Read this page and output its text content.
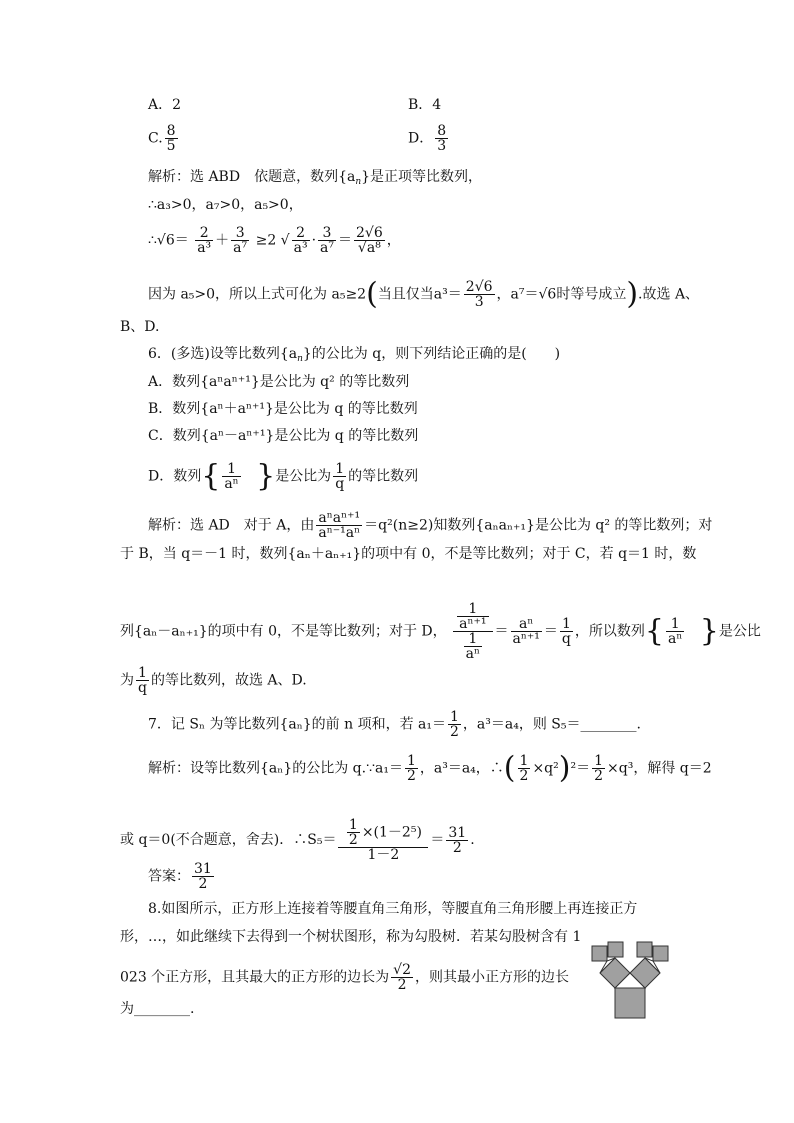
A．2	B．4
C. $\frac{8}{5}$	D． $\frac{8}{3}$
解析：选 ABD　依题意，数列$\{a_n\}$是正项等比数列，
∴a₃>0，a₇>0，a₅>0，
∴√6＝ $\frac{2}{\text{a³}} + \frac{3}{\text{a⁷}} \ge 2$ √ $\frac{2}{\text{a³}} \cdot \frac{3}{\text{a⁷}} = \frac{2√6}{\text{√a⁸}}$ ，
因为 a₅>0，所以上式可化为 a₅≥2(当且仅当$a^3= \frac{2√6}{3}$ ，a⁷＝√6时等号成立).故选 A、
B、D.
6．(多选)设等比数列$\{a_n\}$的公比为 q，则下列结论正确的是(　　)
A．数列{aⁿaⁿ⁺¹}是公比为 q² 的等比数列
B．数列{aⁿ＋aⁿ⁺¹}是公比为 q 的等比数列
C．数列{aⁿ－aⁿ⁺¹}是公比为 q 的等比数列
D．数列{ $\frac{1}{\text{aⁿ}}$ }是公比为 $\frac{1}{q}$ 的等比数列
解析：选 AD　对于 A，由 $\frac{\text{aⁿaⁿ⁺¹}}{\text{aⁿ⁻¹aⁿ}} =q^2(n\ge 2)$知数列{aₙaₙ₊₁}是公比为 q² 的等比数列；对
于 B，当 q＝－1 时，数列{aₙ＋aₙ₊₁}的项中有 0，不是等比数列；对于 C，若 q＝1 时，数
列{aₙ－aₙ₊₁}的项中有 0，不是等比数列；对于 D， $\frac{\frac{1}{\text{aⁿ⁺¹}}}{\frac{1}{\text{aⁿ}}} = \frac{\text{aⁿ}}{\text{aⁿ⁺¹}} = \frac{1}{q}$ ，所以数列{ $\frac{1}{\text{aⁿ}}$ }是公比
为 $\frac{1}{q}$ 的等比数列，故选 A、D.
7．记 Sₙ 为等比数列{aₙ}的前 n 项和，若 $a_1= \frac{1}{2}$ ，a³＝a₄，则 S₅＝________.
解析：设等比数列{aₙ}的公比为 q.∵a₁＝ $\frac{1}{2}$ ，a³＝a₄，∴( $\frac{1}{2} \times q^2)^2= \frac{1}{2} \times q^3$，解得 q＝2
或 q＝0(不合题意，舍去)．∴S₅＝
$\frac{\frac{1}{2} \times(1-2^5)}{1-2} = \frac{31}{2}$ .
答案： $\frac{31}{2}$
8.如图所示，正方形上连接着等腰直角三角形，等腰直角三角形腰上再连接正方
形，…，如此继续下去得到一个树状图形，称为勾股树．若某勾股树含有 1
023 个正方形，且其最大的正方形的边长为 $\frac{√2}{2}$ ，则其最小正方形的边长
为________.
